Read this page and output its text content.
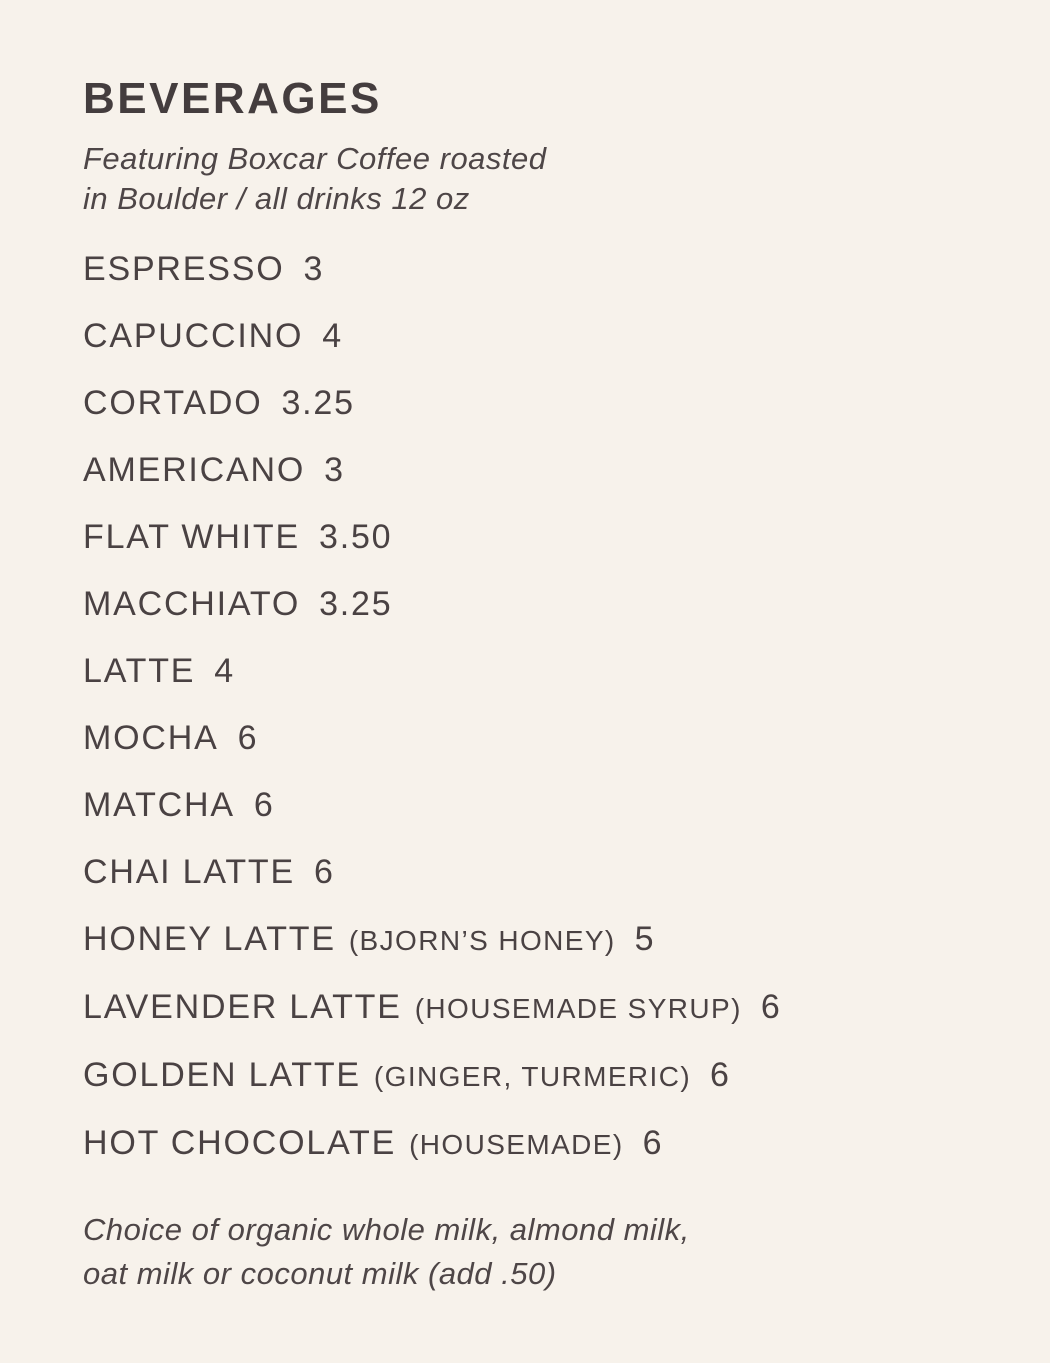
BEVERAGES
Featuring Boxcar Coffee roasted
in Boulder / all drinks 12 oz
ESPRESSO 3
CAPUCCINO 4
CORTADO 3.25
AMERICANO 3
FLAT WHITE 3.50
MACCHIATO 3.25
LATTE 4
MOCHA 6
MATCHA 6
CHAI LATTE 6
HONEY LATTE (BJORN’S HONEY) 5
LAVENDER LATTE (HOUSEMADE SYRUP) 6
GOLDEN LATTE (GINGER, TURMERIC) 6
HOT CHOCOLATE (HOUSEMADE) 6
Choice of organic whole milk, almond milk,
oat milk or coconut milk (add .50)
